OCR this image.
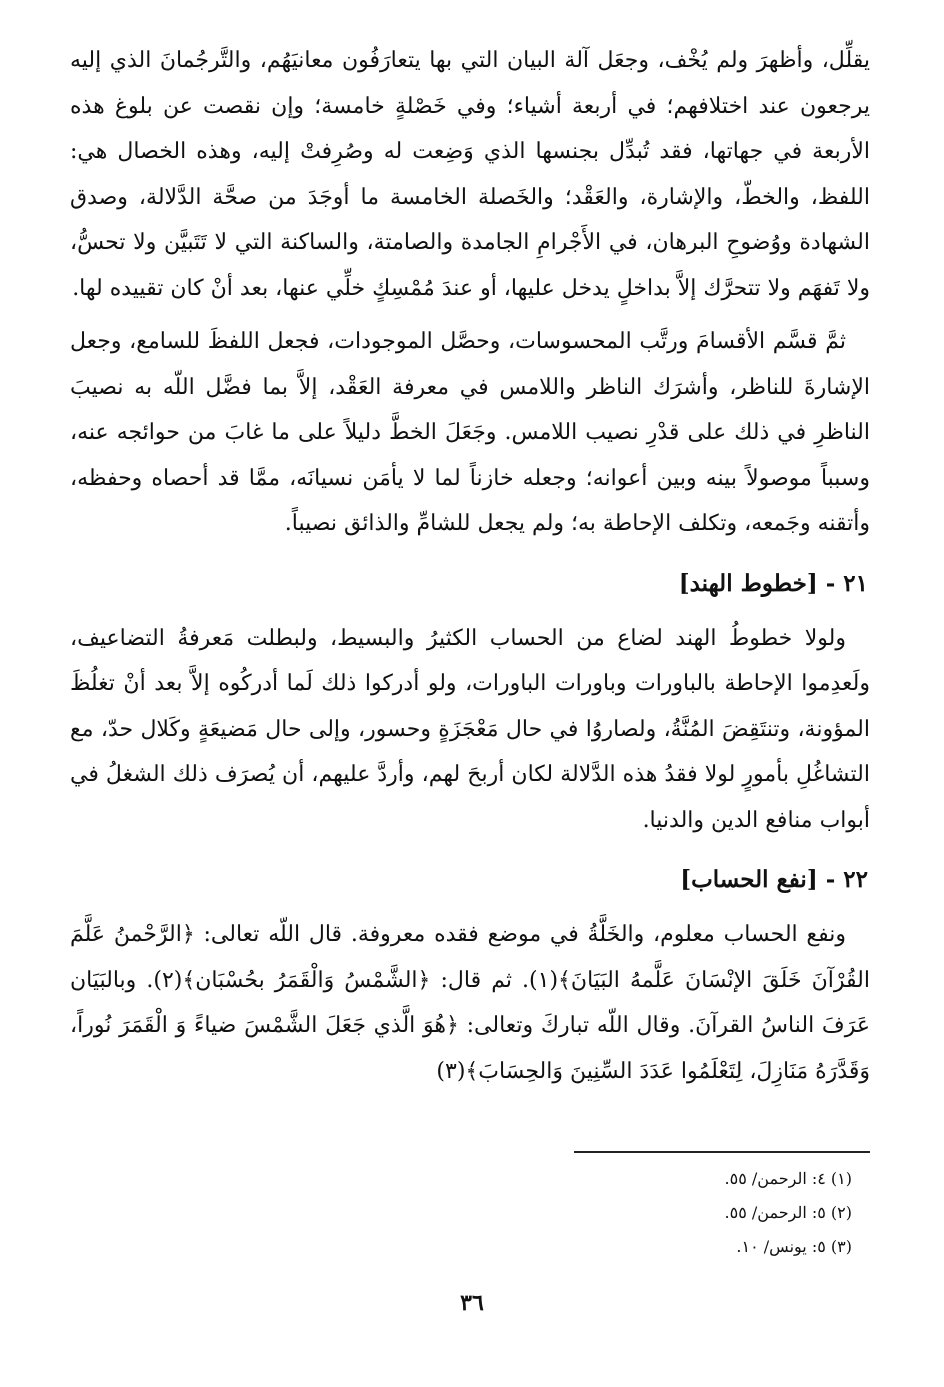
يقلِّل، وأظهرَ ولم يُخْف، وجعَل آلة البيان التي بها يتعارَفُون معانيَهُم، والتَّرجُمانَ الذي إليه يرجعون عند اختلافهم؛ في أربعة أشياء؛ وفي خَصْلةٍ خامسة؛ وإن نقصت عن بلوغ هذه الأربعة في جهاتها، فقد تُبدِّل بجنسها الذي وَضِعت له وصُرِفتْ إليه، وهذه الخصال هي: اللفظ، والخطّ، والإشارة، والعَقْد؛ والخَصلة الخامسة ما أوجَدَ من صحَّة الدَّلالة، وصدق الشهادة ووُضوحِ البرهان، في الأَجْرامِ الجامدة والصامتة، والساكنة التي لا تَتَبيَّن ولا تحسُّ، ولا تَفهَم ولا تتحرَّك إلاَّ بداخلٍ يدخل عليها، أو عندَ مُمْسِكٍ خلِّي عنها، بعد أنْ كان تقييده لها.

ثمَّ قسَّم الأقسامَ ورتَّب المحسوسات، وحصَّل الموجودات، فجعل اللفظَ للسامع، وجعل الإشارةَ للناظر، وأشرَك الناظر واللامس في معرفة العَقْد، إلاَّ بما فضَّل اللّه به نصيبَ الناظرِ في ذلك على قدْرِ نصيب اللامس. وجَعَلَ الخطَّ دليلاً على ما غابَ من حوائجه عنه، وسبباً موصولاً بينه وبين أعوانه؛ وجعله خازناً لما لا يأمَن نسيانَه، ممَّا قد أحصاه وحفظه، وأتقنه وجَمعه، وتكلف الإحاطة به؛ ولم يجعل للشامِّ والذائق نصيباً.

٢١ - [خطوط الهند]

ولولا خطوطُ الهند لضاع من الحساب الكثيرُ والبسيط، ولبطلت مَعرفةُ التضاعيف، ولَعدِموا الإحاطة بالباورات وباورات الباورات، ولو أدركوا ذلك لَما أدركُوه إلاَّ بعد أنْ تغلُظَ المؤونة، وتنتَقِضَ المُنَّةُ، ولصاروُا في حال مَعْجَزَةٍ وحسور، وإلى حال مَضيعَةٍ وكَلال حدّ، مع التشاغُلِ بأمورٍ لولا فقدُ هذه الدَّلالة لكان أربحَ لهم، وأردَّ عليهم، أن يُصرَف ذلك الشغلُ في أبواب منافع الدين والدنيا.

٢٢ - [نفع الحساب]

ونفع الحساب معلوم، والخَلَّةُ في موضع فقده معروفة. قال اللّه تعالى: ﴿الرَّحْمنُ عَلَّمَ القُرْآنَ خَلَقَ الإنْسَانَ عَلَّمهُ البَيَانَ﴾(١). ثم قال: ﴿الشَّمْسُ وَالْقَمَرُ بحُسْبَان﴾(٢). وبالبَيَان عَرَفَ الناسُ القرآنَ. وقال اللّه تباركَ وتعالى: ﴿هُوَ الَّذي جَعَلَ الشَّمْسَ ضياءً وَ الْقَمَرَ نُوراً، وَقَدَّرَهُ مَنَازِلَ، لِتَعْلَمُوا عَدَدَ السِّنِينَ وَالحِسَابَ﴾(٣)

(١) ٤: الرحمن/ ٥٥.

(٢) ٥: الرحمن/ ٥٥.

(٣) ٥: يونس/ ١٠.

٣٦
